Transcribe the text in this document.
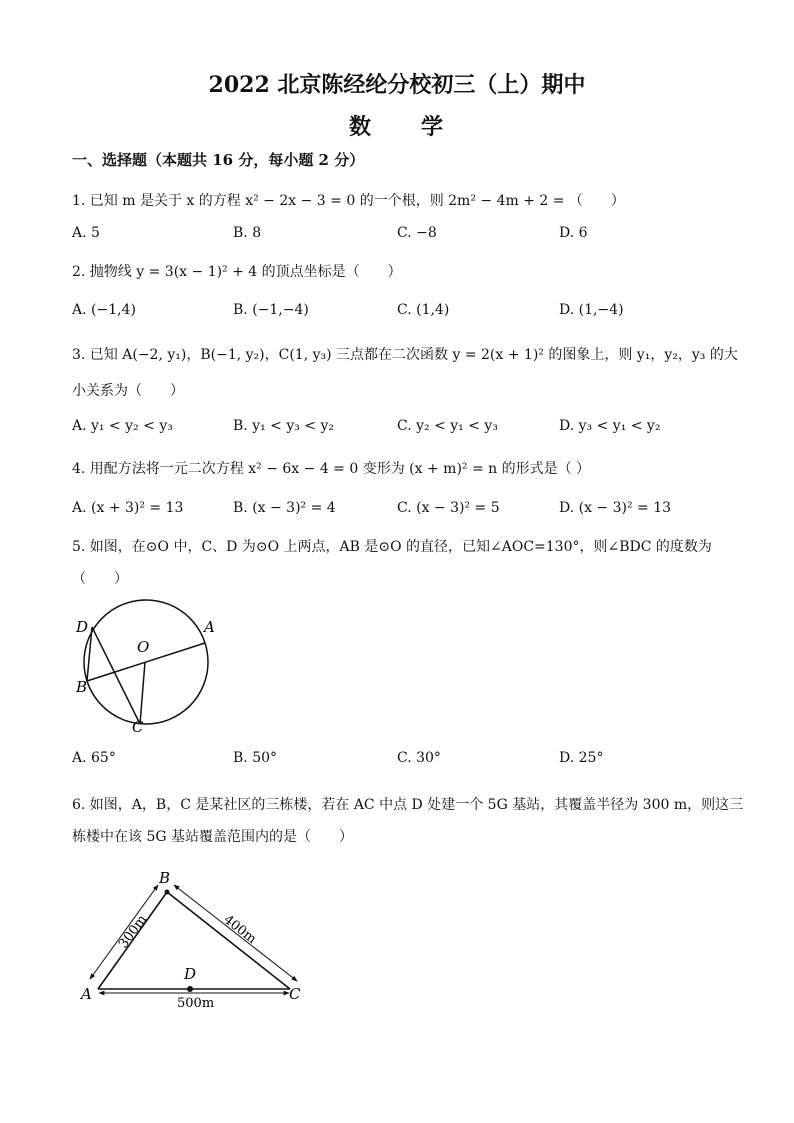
2022 北京陈经纶分校初三（上）期中
数　　学
一、选择题（本题共 16 分，每小题 2 分）
1. 已知 m 是关于 x 的方程 x² − 2x − 3 = 0 的一个根，则 2m² − 4m + 2 = （　　）
A. 5	B. 8	C. −8	D. 6
2. 抛物线 y = 3(x − 1)² + 4 的顶点坐标是（　　）
A. (−1,4)	B. (−1,−4)	C. (1,4)	D. (1,−4)
3. 已知 A(−2, y₁)，B(−1, y₂)，C(1, y₃) 三点都在二次函数 y = 2(x + 1)² 的图象上，则 y₁，y₂，y₃ 的大
小关系为（　　）
A. y₁ < y₂ < y₃	B. y₁ < y₃ < y₂	C. y₂ < y₁ < y₃	D. y₃ < y₁ < y₂
4. 用配方法将一元二次方程 x² − 6x − 4 = 0 变形为 (x + m)² = n 的形式是（ ）
A. (x + 3)² = 13	B. (x − 3)² = 4	C. (x − 3)² = 5	D. (x − 3)² = 13
5. 如图，在⊙O 中，C、D 为⊙O 上两点，AB 是⊙O 的直径，已知∠AOC=130°，则∠BDC 的度数为
（　　）
D
O
A
B
C
A. 65°	B. 50°	C. 30°	D. 25°
6. 如图，A，B，C 是某社区的三栋楼，若在 AC 中点 D 处建一个 5G 基站，其覆盖半径为 300 m，则这三
栋楼中在该 5G 基站覆盖范围内的是（　　）
B
A	C
D
300m	400m
500m
